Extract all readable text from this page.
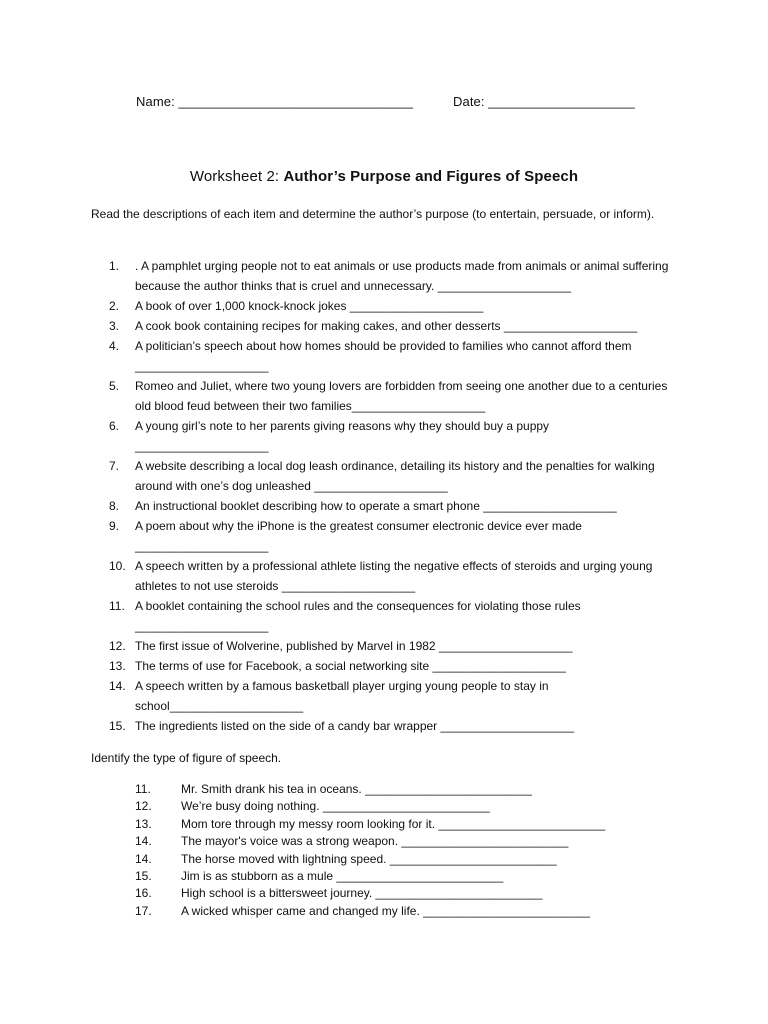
Name: ________________________________	Date: ____________________
Worksheet 2: Author’s Purpose and Figures of Speech
Read the descriptions of each item and determine the author’s purpose (to entertain, persuade, or inform).
1.	. A pamphlet urging people not to eat animals or use products made from animals or animal suffering because the author thinks that is cruel and unnecessary. ____________________
2.	A book of over 1,000 knock-knock jokes ____________________
3.	A cook book containing recipes for making cakes, and other desserts ____________________
4.	A politician’s speech about how homes should be provided to families who cannot afford them ____________________
5.	Romeo and Juliet, where two young lovers are forbidden from seeing one another due to a centuries old blood feud between their two families____________________
6.	A young girl’s note to her parents giving reasons why they should buy a puppy ____________________
7.	A website describing a local dog leash ordinance, detailing its history and the penalties for walking around with one’s dog unleashed ____________________
8.	An instructional booklet describing how to operate a smart phone ____________________
9.	A poem about why the iPhone is the greatest consumer electronic device ever made ____________________
10. A speech written by a professional athlete listing the negative effects of steroids and urging young athletes to not use steroids ____________________
11. A booklet containing the school rules and the consequences for violating those rules ____________________
12. The first issue of Wolverine, published by Marvel in 1982 ____________________
13. The terms of use for Facebook, a social networking site ____________________
14. A speech written by a famous basketball player urging young people to stay in school____________________
15. The ingredients listed on the side of a candy bar wrapper ____________________
Identify the type of figure of speech.
11.	Mr. Smith drank his tea in oceans. _________________________
12. We’re busy doing nothing. _________________________
13. Mom tore through my messy room looking for it. _________________________
14. The mayor's voice was a strong weapon. _________________________
14. The horse moved with lightning speed. _________________________
15. Jim is as stubborn as a mule _________________________
16. High school is a bittersweet journey. _________________________
17. A wicked whisper came and changed my life. _________________________
